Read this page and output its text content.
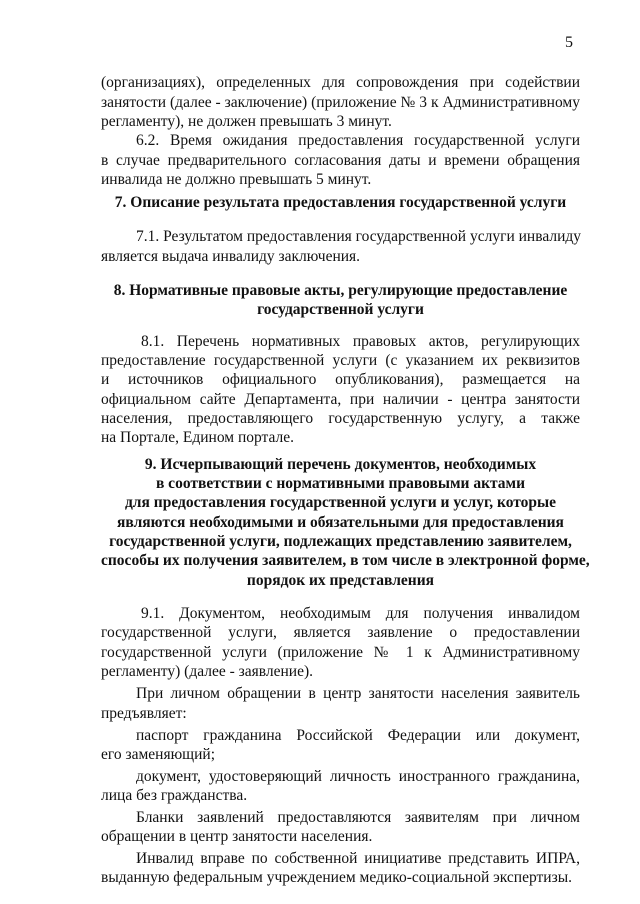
5
(организациях), определенных для сопровождения при содействии
занятости (далее - заключение) (приложение № 3 к Административному
регламенту), не должен превышать 3 минут.
6.2. Время ожидания предоставления государственной услуги
в случае предварительного согласования даты и времени обращения
инвалида не должно превышать 5 минут.
7. Описание результата предоставления государственной услуги
7.1. Результатом предоставления государственной услуги инвалиду
является выдача инвалиду заключения.
8. Нормативные правовые акты, регулирующие предоставление
государственной услуги
8.1. Перечень нормативных правовых актов, регулирующих
предоставление государственной услуги (с указанием их реквизитов
и источников официального опубликования), размещается на
официальном сайте Департамента, при наличии - центра занятости
населения, предоставляющего государственную услугу, а также
на Портале, Едином портале.
9. Исчерпывающий перечень документов, необходимых
в соответствии с нормативными правовыми актами
для предоставления государственной услуги и услуг, которые
являются необходимыми и обязательными для предоставления
государственной услуги, подлежащих представлению заявителем,
способы их получения заявителем, в том числе в электронной форме,
порядок их представления
9.1. Документом, необходимым для получения инвалидом
государственной услуги, является заявление о предоставлении
государственной услуги (приложение № 1 к Административному
регламенту) (далее - заявление).
При личном обращении в центр занятости населения заявитель
предъявляет:
паспорт гражданина Российской Федерации или документ,
его заменяющий;
документ, удостоверяющий личность иностранного гражданина,
лица без гражданства.
Бланки заявлений предоставляются заявителям при личном
обращении в центр занятости населения.
Инвалид вправе по собственной инициативе представить ИПРА,
выданную федеральным учреждением медико-социальной экспертизы.
